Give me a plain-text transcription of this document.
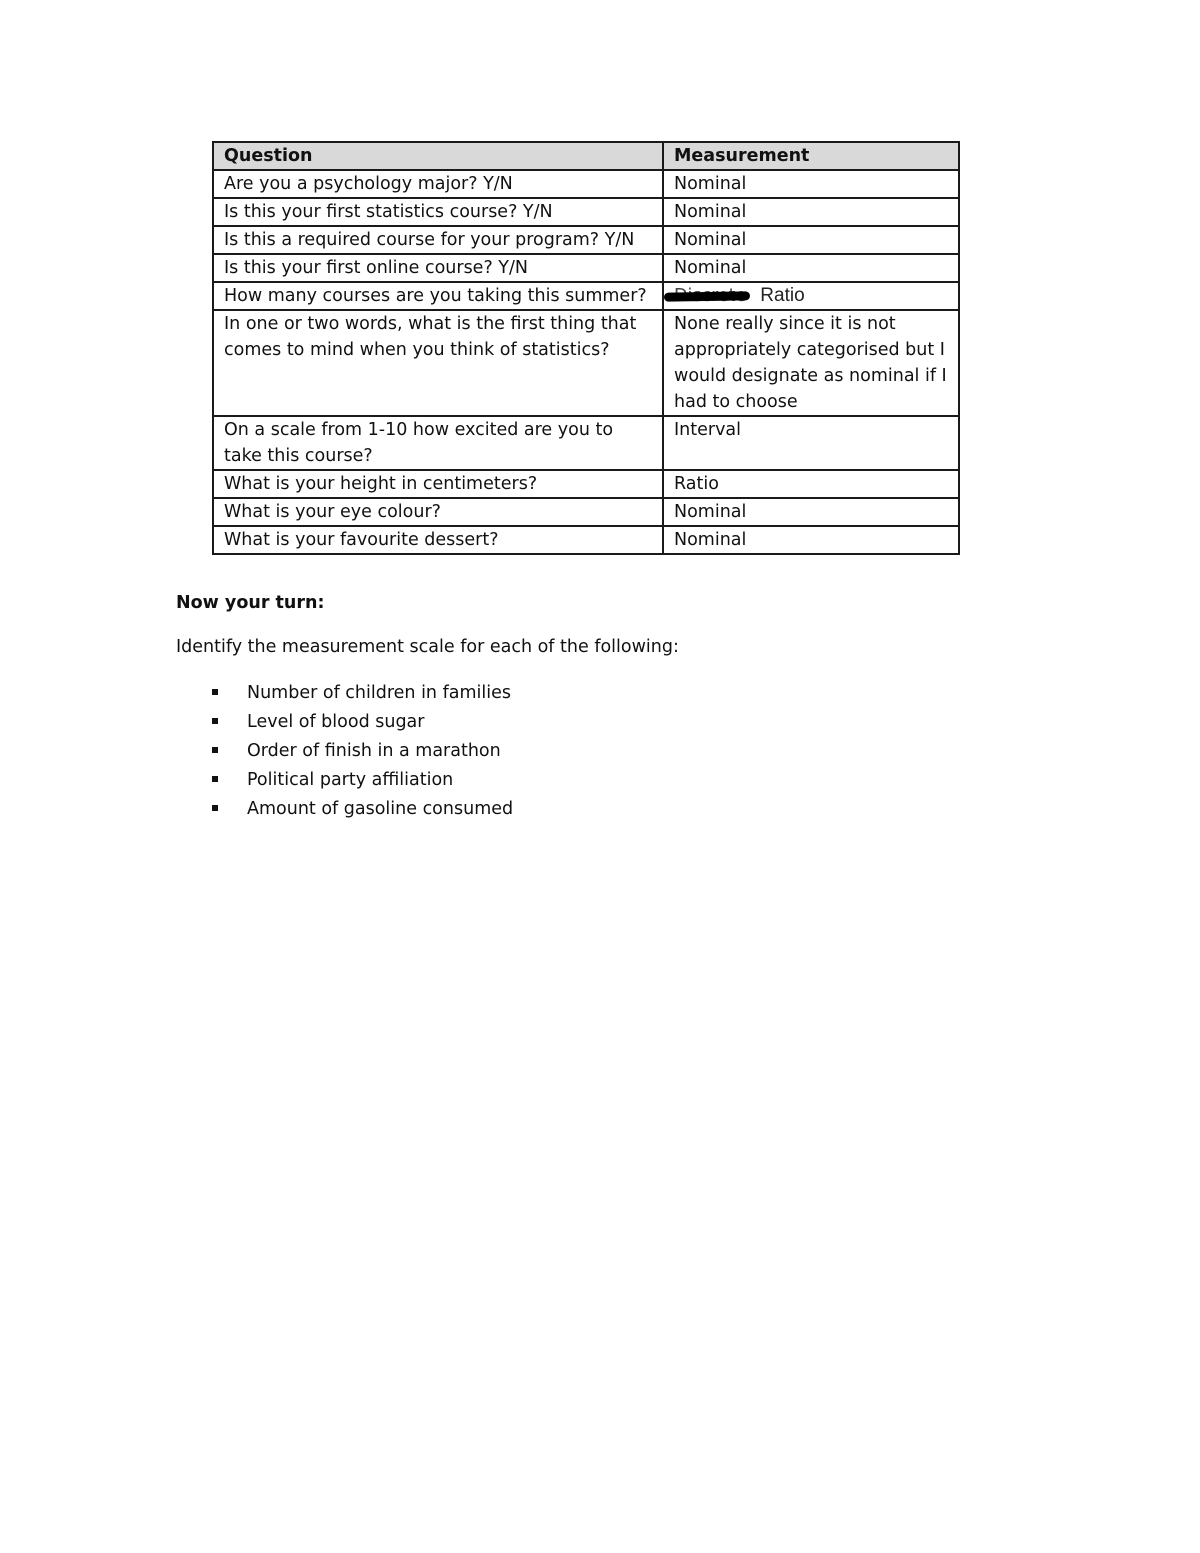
Question	Measurement
Are you a psychology major? Y/N	Nominal
Is this your first statistics course? Y/N	Nominal
Is this a required course for your program? Y/N	Nominal
Is this your first online course? Y/N	Nominal
How many courses are you taking this summer?	Ratio
In one or two words, what is the first thing that comes to mind when you think of statistics?	None really since it is not appropriately categorised but I would designate as nominal if I had to choose
On a scale from 1-10 how excited are you to take this course?	Interval
What is your height in centimeters?	Ratio
What is your eye colour?	Nominal
What is your favourite dessert?	Nominal

Now your turn:

Identify the measurement scale for each of the following:

Number of children in families
Level of blood sugar
Order of finish in a marathon
Political party affiliation
Amount of gasoline consumed
